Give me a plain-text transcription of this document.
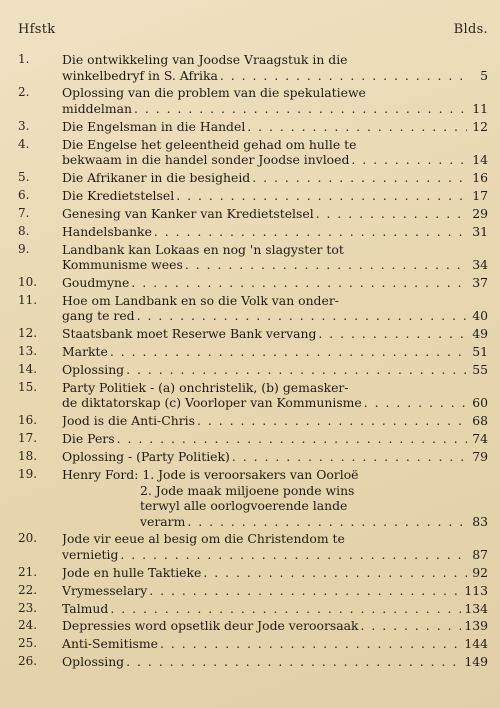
Hfstk	Blds.
1.	Die ontwikkeling van Joodse Vraagstuk in die
winkelbedryf in S. Afrika . . .	5
2.	Oplossing van die problem van die spekulatiewe
middelman . . .	11
3.	Die Engelsman in die Handel . . .	12
4.	Die Engelse het geleentheid gehad om hulle te
bekwaam in die handel sonder Joodse invloed . . .	14
5.	Die Afrikaner in die besigheid . . .	16
6.	Die Kredietstelsel . . .	17
7.	Genesing van Kanker van Kredietstelsel . . .	29
8.	Handelsbanke . . .	31
9.	Landbank kan Lokaas en nog 'n slagyster tot
Kommunisme wees . . .	34
10.	Goudmyne . . .	37
11.	Hoe om Landbank en so die Volk van onder-
gang te red . . .	40
12.	Staatsbank moet Reserwe Bank vervang . . .	49
13.	Markte . . .	51
14.	Oplossing . . .	55
15.	Party Politiek - (a) onchristelik, (b) gemasker-
de diktatorskap (c) Voorloper van Kommunisme . . .	60
16.	Jood is die Anti-Chris . . .	68
17.	Die Pers . . .	74
18.	Oplossing - (Party Politiek) . . .	79
19.	Henry Ford: 1. Jode is veroorsakers van Oorloë
2. Jode maak miljoene ponde wins
terwyl alle oorlogvoerende lande
verarm . . .	83
20.	Jode vir eeue al besig om die Christendom te
vernietig . . .	87
21.	Jode en hulle Taktieke . . .	92
22.	Vrymesselary . . .	113
23.	Talmud . . .	134
24.	Depressies word opsetlik deur Jode veroorsaak . . .	139
25.	Anti-Semitisme . . .	144
26.	Oplossing . . .	149
